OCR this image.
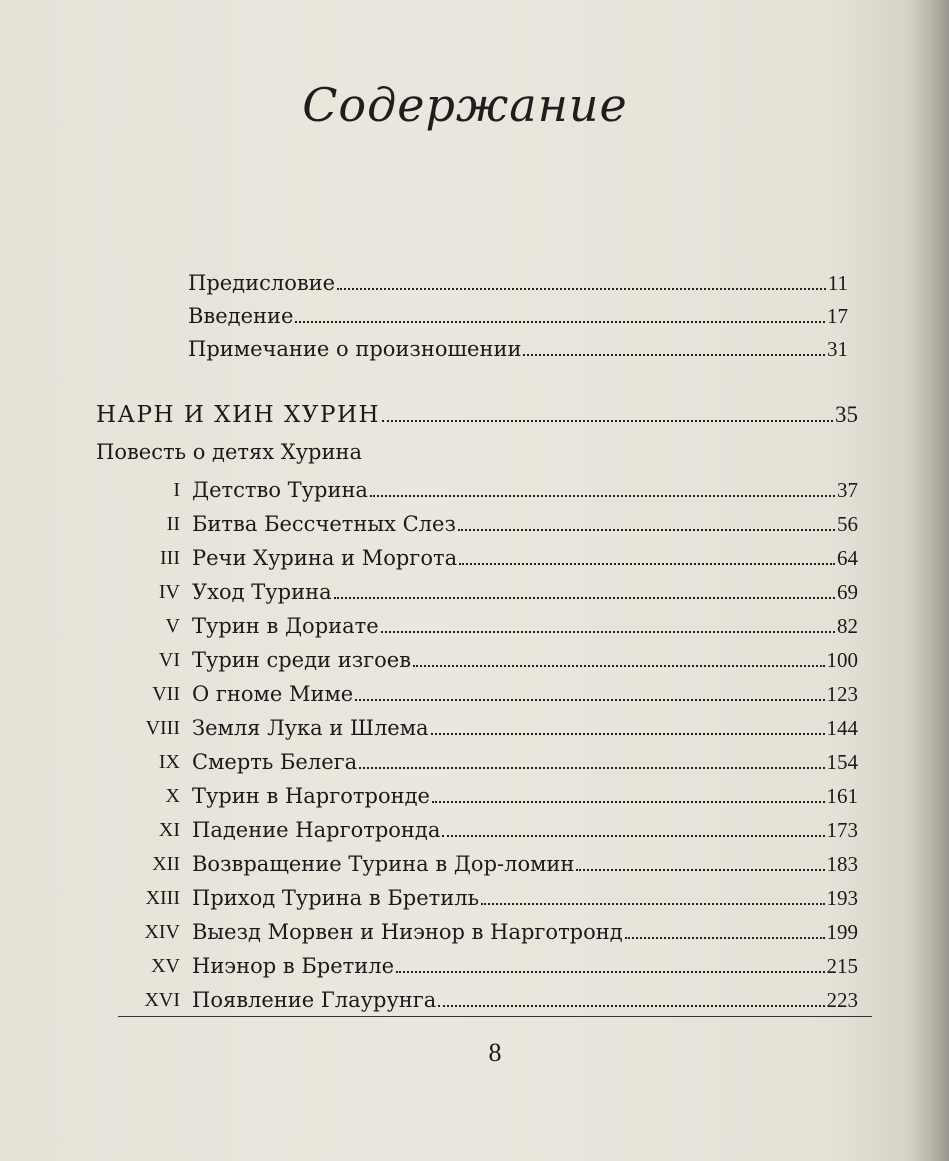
Содержание
Предисловие	11
Введение	17
Примечание о произношении	31
НАРН И ХИН ХУРИН	35
Повесть о детях Хурина
I Детство Турина	37
II Битва Бессчетных Слез	56
III Речи Хурина и Моргота	64
IV Уход Турина	69
V Турин в Дориате	82
VI Турин среди изгоев	100
VII О гноме Миме	123
VIII Земля Лука и Шлема	144
IX Смерть Белега	154
X Турин в Нарготронде	161
XI Падение Нарготронда	173
XII Возвращение Турина в Дор-ломин	183
XIII Приход Турина в Бретиль	193
XIV Выезд Морвен и Ниэнор в Нарготронд	199
XV Ниэнор в Бретиле	215
XVI Появление Глаурунга	223
8
